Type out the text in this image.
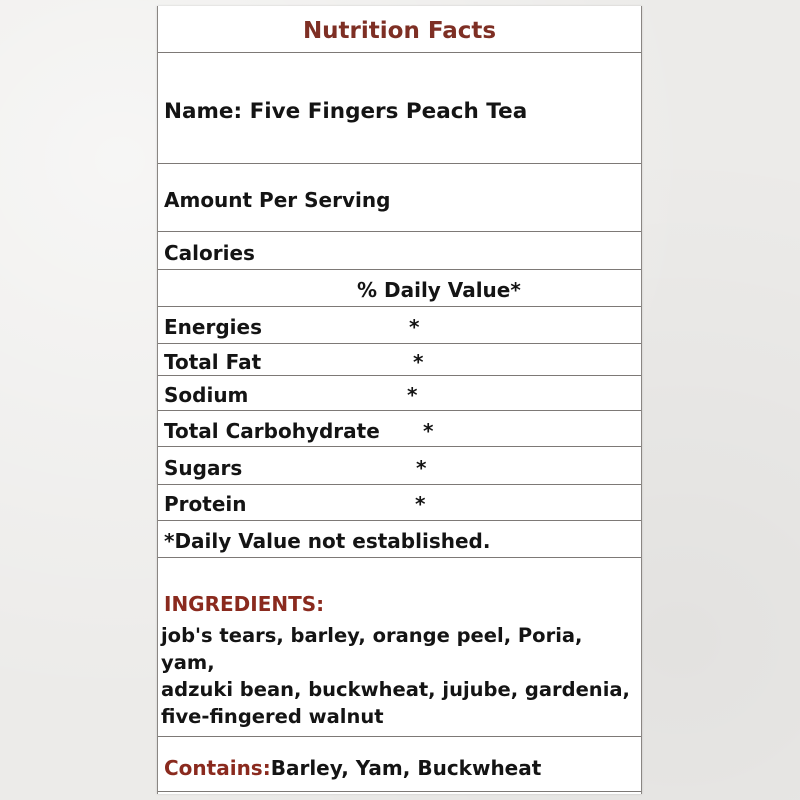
Nutrition Facts
Name: Five Fingers Peach Tea
Amount Per Serving
Calories
% Daily Value*
Energies	*
Total Fat	*
Sodium	*
Total Carbohydrate	*
Sugars	*
Protein	*
*Daily Value not established.
INGREDIENTS:
job's tears, barley, orange peel, Poria, yam,
adzuki bean, buckwheat, jujube, gardenia,
five-fingered walnut
Contains:Barley, Yam, Buckwheat
